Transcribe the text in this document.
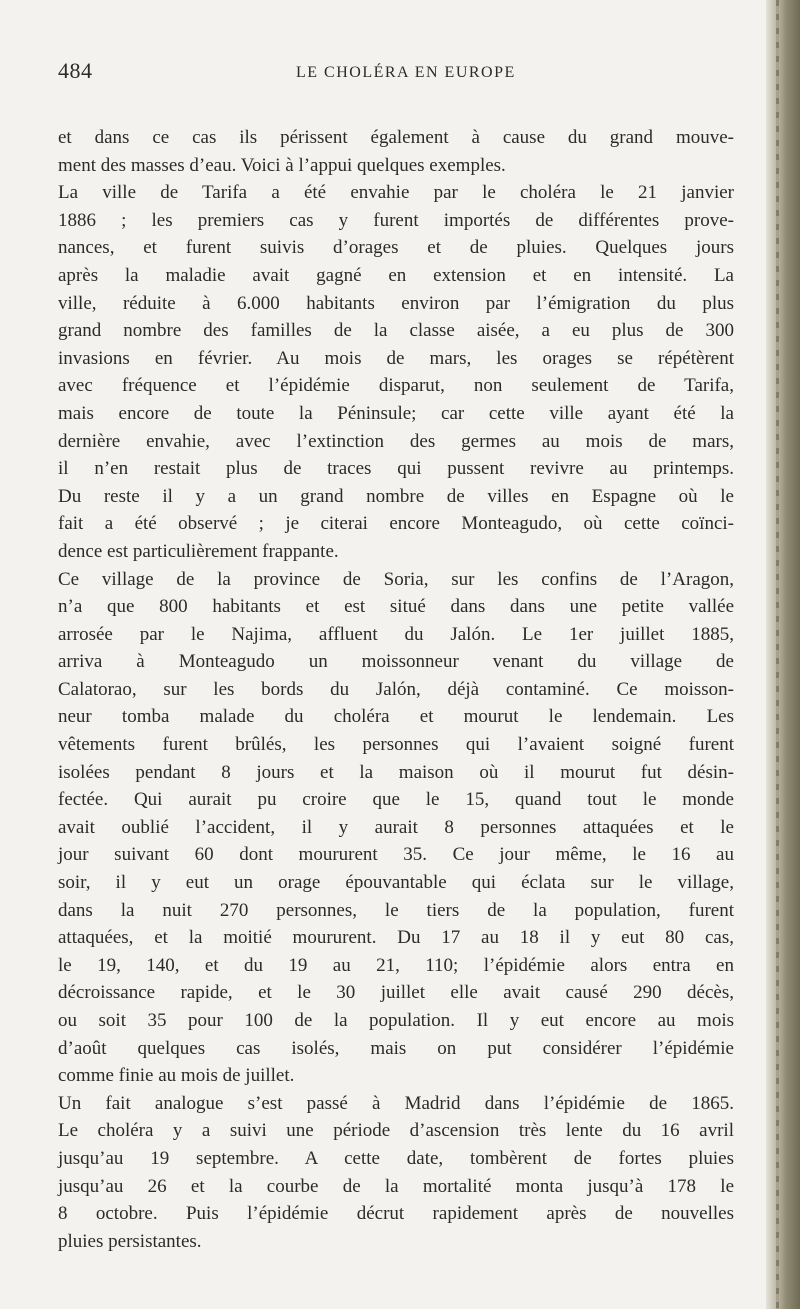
484	LE CHOLÉRA EN EUROPE
et dans ce cas ils périssent également à cause du grand mouve-
ment des masses d’eau. Voici à l’appui quelques exemples.
La ville de Tarifa a été envahie par le choléra le 21 janvier
1886 ; les premiers cas y furent importés de différentes prove-
nances, et furent suivis d’orages et de pluies. Quelques jours
après la maladie avait gagné en extension et en intensité. La
ville, réduite à 6.000 habitants environ par l’émigration du plus
grand nombre des familles de la classe aisée, a eu plus de 300
invasions en février. Au mois de mars, les orages se répétèrent
avec fréquence et l’épidémie disparut, non seulement de Tarifa,
mais encore de toute la Péninsule; car cette ville ayant été la
dernière envahie, avec l’extinction des germes au mois de mars,
il n’en restait plus de traces qui pussent revivre au printemps.
Du reste il y a un grand nombre de villes en Espagne où le
fait a été observé ; je citerai encore Monteagudo, où cette coïnci-
dence est particulièrement frappante.
Ce village de la province de Soria, sur les confins de l’Aragon,
n’a que 800 habitants et est situé dans dans une petite vallée
arrosée par le Najima, affluent du Jalón. Le 1er juillet 1885,
arriva à Monteagudo un moissonneur venant du village de
Calatorao, sur les bords du Jalón, déjà contaminé. Ce moisson-
neur tomba malade du choléra et mourut le lendemain. Les
vêtements furent brûlés, les personnes qui l’avaient soigné furent
isolées pendant 8 jours et la maison où il mourut fut désin-
fectée. Qui aurait pu croire que le 15, quand tout le monde
avait oublié l’accident, il y aurait 8 personnes attaquées et le
jour suivant 60 dont moururent 35. Ce jour même, le 16 au
soir, il y eut un orage épouvantable qui éclata sur le village,
dans la nuit 270 personnes, le tiers de la population, furent
attaquées, et la moitié moururent. Du 17 au 18 il y eut 80 cas,
le 19, 140, et du 19 au 21, 110; l’épidémie alors entra en
décroissance rapide, et le 30 juillet elle avait causé 290 décès,
ou soit 35 pour 100 de la population. Il y eut encore au mois
d’août quelques cas isolés, mais on put considérer l’épidémie
comme finie au mois de juillet.
Un fait analogue s’est passé à Madrid dans l’épidémie de 1865.
Le choléra y a suivi une période d’ascension très lente du 16 avril
jusqu’au 19 septembre. A cette date, tombèrent de fortes pluies
jusqu’au 26 et la courbe de la mortalité monta jusqu’à 178 le
8 octobre. Puis l’épidémie décrut rapidement après de nouvelles
pluies persistantes.
